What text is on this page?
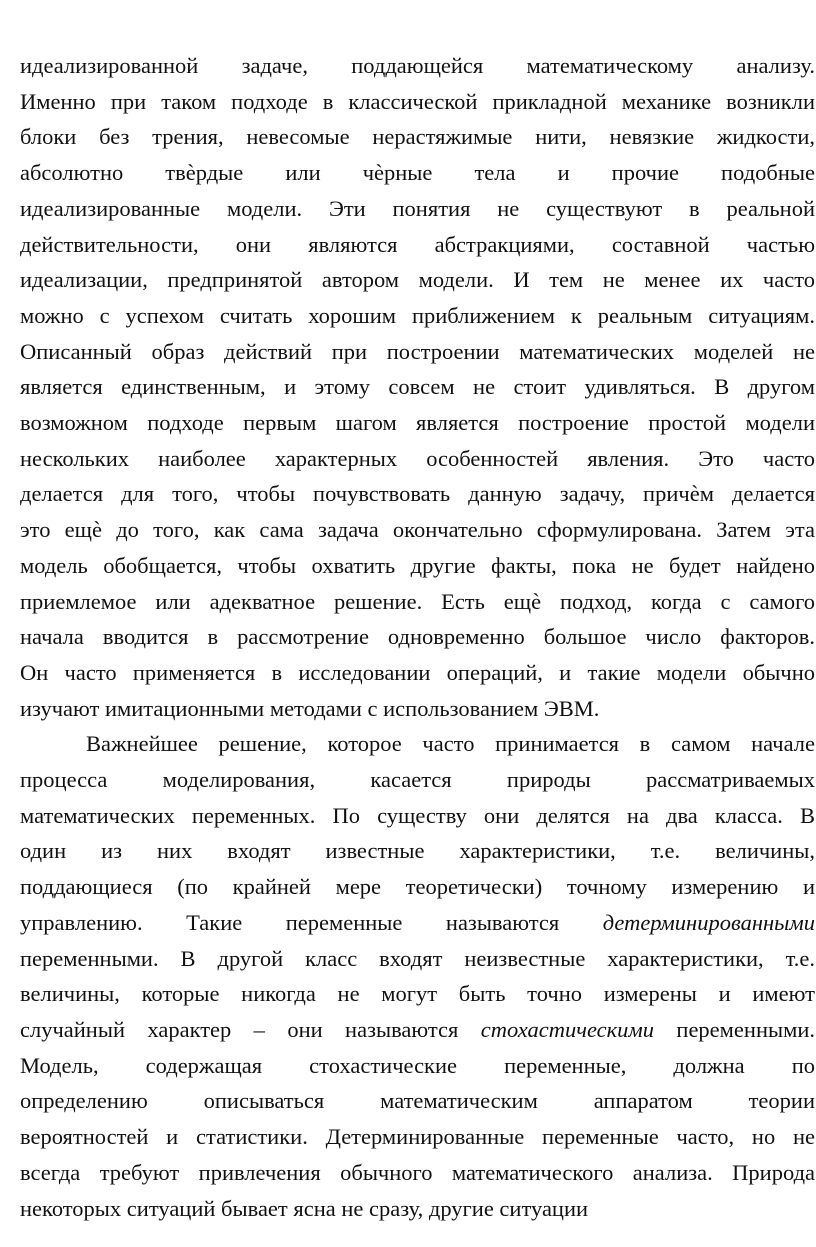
идеализированной задаче, поддающейся математическому анализу.
Именно при таком подходе в классической прикладной механике возникли
блоки без трения, невесомые нерастяжимые нити, невязкие жидкости,
абсолютно твѐрдые или чѐрные тела и прочие подобные
идеализированные модели. Эти понятия не существуют в реальной
действительности, они являются абстракциями, составной частью
идеализации, предпринятой автором модели. И тем не менее их часто
можно с успехом считать хорошим приближением к реальным ситуациям.
Описанный образ действий при построении математических моделей не
является единственным, и этому совсем не стоит удивляться. В другом
возможном подходе первым шагом является построение простой модели
нескольких наиболее характерных особенностей явления. Это часто
делается для того, чтобы почувствовать данную задачу, причѐм делается
это ещѐ до того, как сама задача окончательно сформулирована. Затем эта
модель обобщается, чтобы охватить другие факты, пока не будет найдено
приемлемое или адекватное решение. Есть ещѐ подход, когда с самого
начала вводится в рассмотрение одновременно большое число факторов.
Он часто применяется в исследовании операций, и такие модели обычно
изучают имитационными методами с использованием ЭВМ.

Важнейшее решение, которое часто принимается в самом начале
процесса моделирования, касается природы рассматриваемых
математических переменных. По существу они делятся на два класса. В
один из них входят известные характеристики, т.е. величины,
поддающиеся (по крайней мере теоретически) точному измерению и
управлению. Такие переменные называются детерминированными
переменными. В другой класс входят неизвестные характеристики, т.е.
величины, которые никогда не могут быть точно измерены и имеют
случайный характер – они называются стохастическими переменными.
Модель, содержащая стохастические переменные, должна по
определению описываться математическим аппаратом теории
вероятностей и статистики. Детерминированные переменные часто, но не
всегда требуют привлечения обычного математического анализа. Природа
некоторых ситуаций бывает ясна не сразу, другие ситуации
